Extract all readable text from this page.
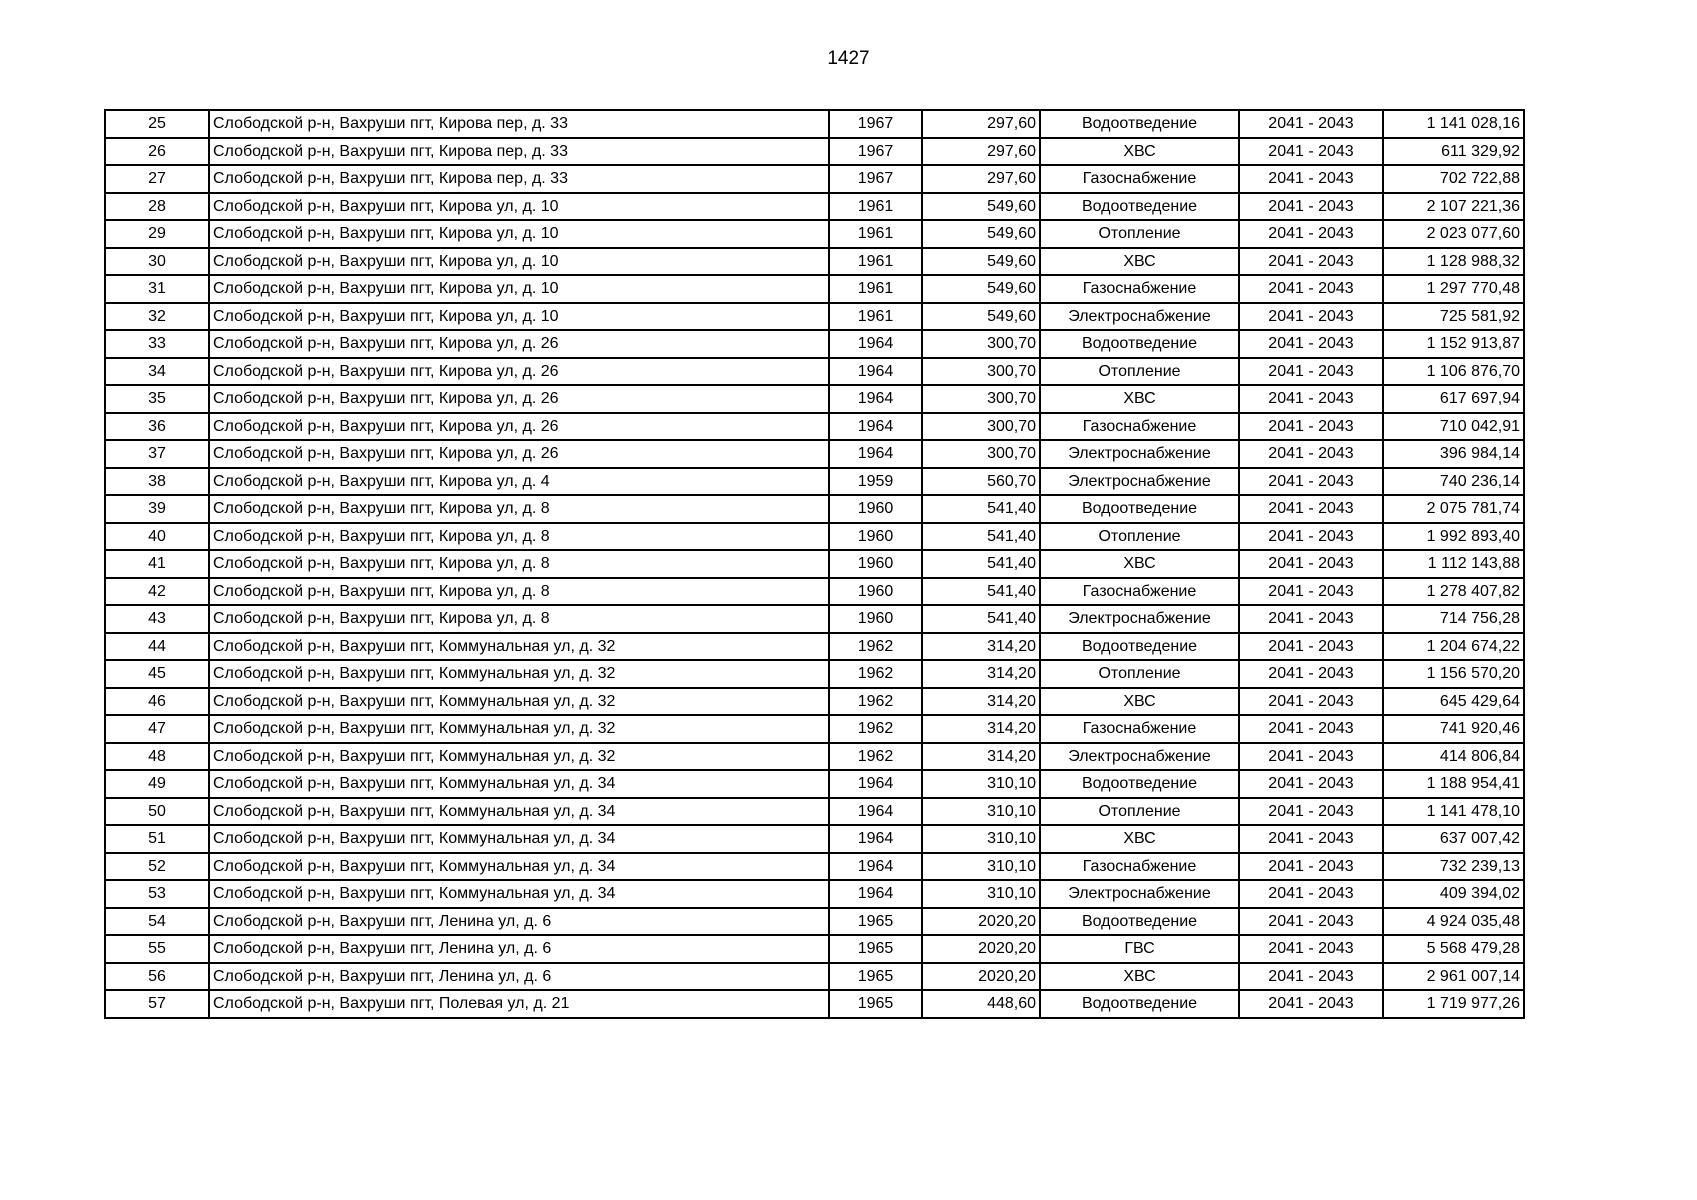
1427
25	Слободской р-н, Вахруши пгт, Кирова пер, д. 33	1967	297,60	Водоотведение	2041 - 2043	1 141 028,16
26	Слободской р-н, Вахруши пгт, Кирова пер, д. 33	1967	297,60	ХВС	2041 - 2043	611 329,92
27	Слободской р-н, Вахруши пгт, Кирова пер, д. 33	1967	297,60	Газоснабжение	2041 - 2043	702 722,88
28	Слободской р-н, Вахруши пгт, Кирова ул, д. 10	1961	549,60	Водоотведение	2041 - 2043	2 107 221,36
29	Слободской р-н, Вахруши пгт, Кирова ул, д. 10	1961	549,60	Отопление	2041 - 2043	2 023 077,60
30	Слободской р-н, Вахруши пгт, Кирова ул, д. 10	1961	549,60	ХВС	2041 - 2043	1 128 988,32
31	Слободской р-н, Вахруши пгт, Кирова ул, д. 10	1961	549,60	Газоснабжение	2041 - 2043	1 297 770,48
32	Слободской р-н, Вахруши пгт, Кирова ул, д. 10	1961	549,60	Электроснабжение	2041 - 2043	725 581,92
33	Слободской р-н, Вахруши пгт, Кирова ул, д. 26	1964	300,70	Водоотведение	2041 - 2043	1 152 913,87
34	Слободской р-н, Вахруши пгт, Кирова ул, д. 26	1964	300,70	Отопление	2041 - 2043	1 106 876,70
35	Слободской р-н, Вахруши пгт, Кирова ул, д. 26	1964	300,70	ХВС	2041 - 2043	617 697,94
36	Слободской р-н, Вахруши пгт, Кирова ул, д. 26	1964	300,70	Газоснабжение	2041 - 2043	710 042,91
37	Слободской р-н, Вахруши пгт, Кирова ул, д. 26	1964	300,70	Электроснабжение	2041 - 2043	396 984,14
38	Слободской р-н, Вахруши пгт, Кирова ул, д. 4	1959	560,70	Электроснабжение	2041 - 2043	740 236,14
39	Слободской р-н, Вахруши пгт, Кирова ул, д. 8	1960	541,40	Водоотведение	2041 - 2043	2 075 781,74
40	Слободской р-н, Вахруши пгт, Кирова ул, д. 8	1960	541,40	Отопление	2041 - 2043	1 992 893,40
41	Слободской р-н, Вахруши пгт, Кирова ул, д. 8	1960	541,40	ХВС	2041 - 2043	1 112 143,88
42	Слободской р-н, Вахруши пгт, Кирова ул, д. 8	1960	541,40	Газоснабжение	2041 - 2043	1 278 407,82
43	Слободской р-н, Вахруши пгт, Кирова ул, д. 8	1960	541,40	Электроснабжение	2041 - 2043	714 756,28
44	Слободской р-н, Вахруши пгт, Коммунальная ул, д. 32	1962	314,20	Водоотведение	2041 - 2043	1 204 674,22
45	Слободской р-н, Вахруши пгт, Коммунальная ул, д. 32	1962	314,20	Отопление	2041 - 2043	1 156 570,20
46	Слободской р-н, Вахруши пгт, Коммунальная ул, д. 32	1962	314,20	ХВС	2041 - 2043	645 429,64
47	Слободской р-н, Вахруши пгт, Коммунальная ул, д. 32	1962	314,20	Газоснабжение	2041 - 2043	741 920,46
48	Слободской р-н, Вахруши пгт, Коммунальная ул, д. 32	1962	314,20	Электроснабжение	2041 - 2043	414 806,84
49	Слободской р-н, Вахруши пгт, Коммунальная ул, д. 34	1964	310,10	Водоотведение	2041 - 2043	1 188 954,41
50	Слободской р-н, Вахруши пгт, Коммунальная ул, д. 34	1964	310,10	Отопление	2041 - 2043	1 141 478,10
51	Слободской р-н, Вахруши пгт, Коммунальная ул, д. 34	1964	310,10	ХВС	2041 - 2043	637 007,42
52	Слободской р-н, Вахруши пгт, Коммунальная ул, д. 34	1964	310,10	Газоснабжение	2041 - 2043	732 239,13
53	Слободской р-н, Вахруши пгт, Коммунальная ул, д. 34	1964	310,10	Электроснабжение	2041 - 2043	409 394,02
54	Слободской р-н, Вахруши пгт, Ленина ул, д. 6	1965	2020,20	Водоотведение	2041 - 2043	4 924 035,48
55	Слободской р-н, Вахруши пгт, Ленина ул, д. 6	1965	2020,20	ГВС	2041 - 2043	5 568 479,28
56	Слободской р-н, Вахруши пгт, Ленина ул, д. 6	1965	2020,20	ХВС	2041 - 2043	2 961 007,14
57	Слободской р-н, Вахруши пгт, Полевая ул, д. 21	1965	448,60	Водоотведение	2041 - 2043	1 719 977,26
